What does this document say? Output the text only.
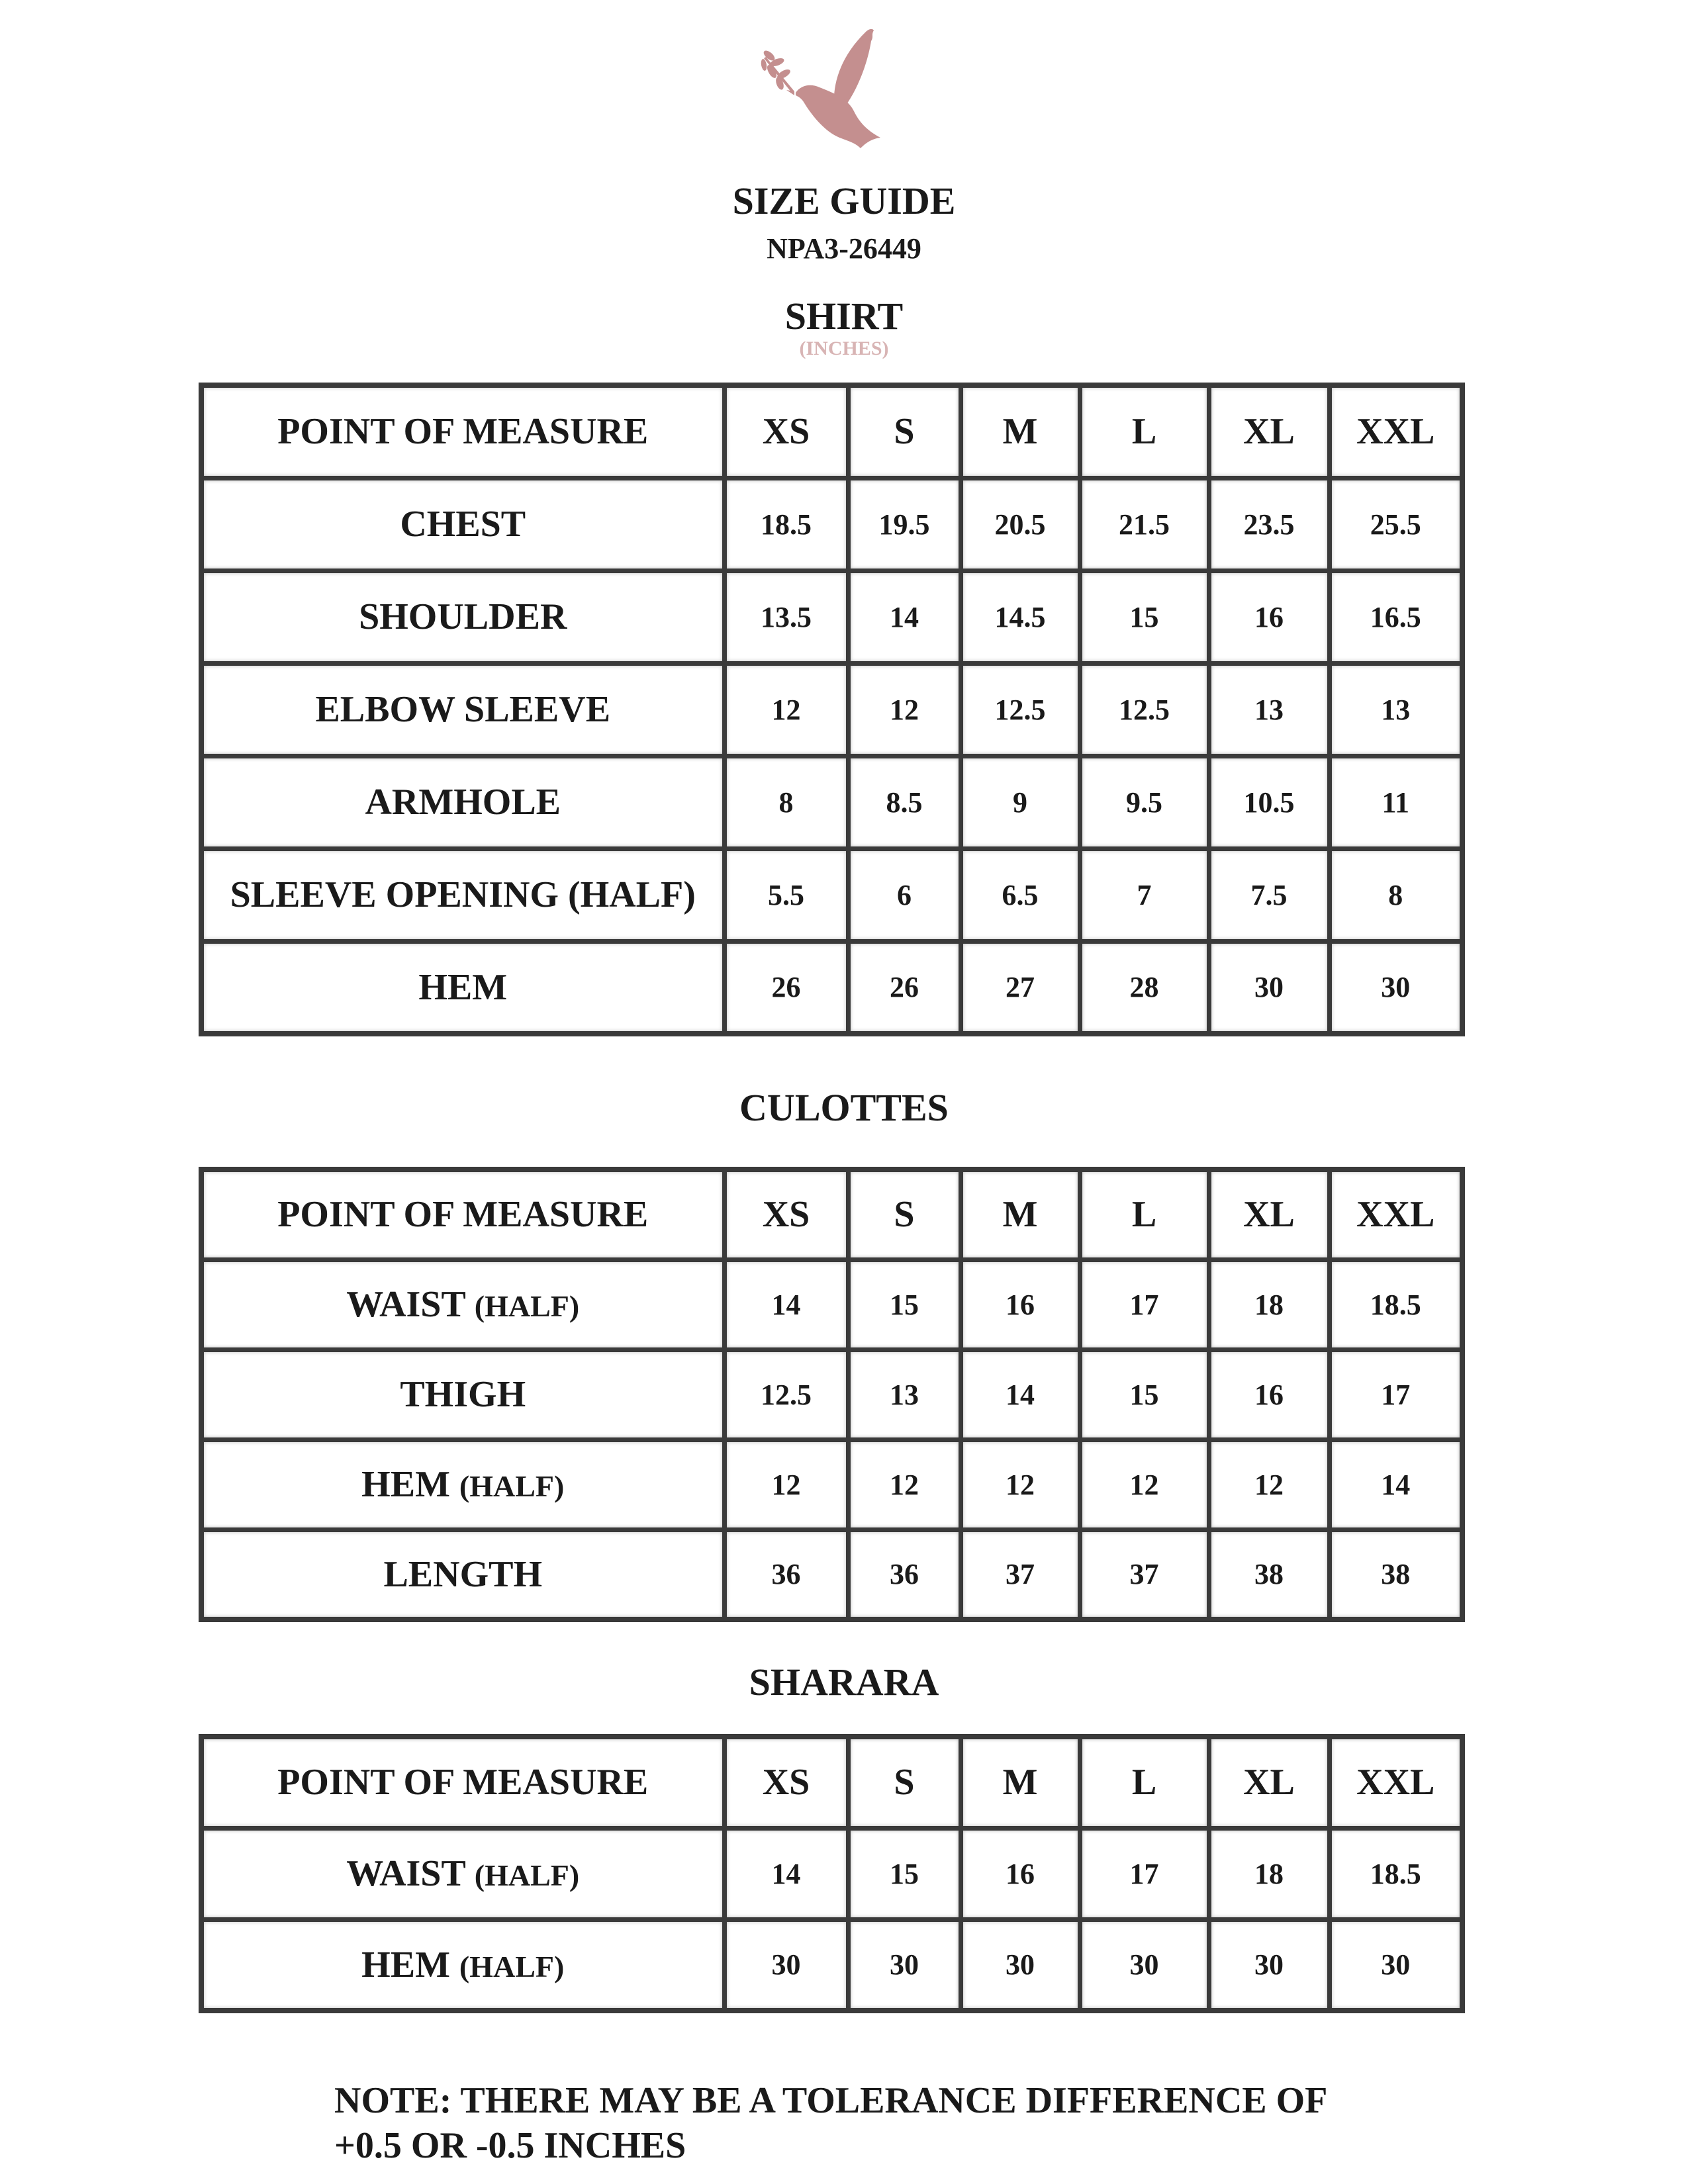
SIZE GUIDE
NPA3-26449
SHIRT
(INCHES)
POINT OF MEASURE	XS	S	M	L	XL	XXL
CHEST	18.5	19.5	20.5	21.5	23.5	25.5
SHOULDER	13.5	14	14.5	15	16	16.5
ELBOW SLEEVE	12	12	12.5	12.5	13	13
ARMHOLE	8	8.5	9	9.5	10.5	11
SLEEVE OPENING (HALF)	5.5	6	6.5	7	7.5	8
HEM	26	26	27	28	30	30
CULOTTES
POINT OF MEASURE	XS	S	M	L	XL	XXL
WAIST (HALF)	14	15	16	17	18	18.5
THIGH	12.5	13	14	15	16	17
HEM (HALF)	12	12	12	12	12	14
LENGTH	36	36	37	37	38	38
SHARARA
POINT OF MEASURE	XS	S	M	L	XL	XXL
WAIST (HALF)	14	15	16	17	18	18.5
HEM (HALF)	30	30	30	30	30	30
NOTE: THERE MAY BE A TOLERANCE DIFFERENCE OF
+0.5 OR -0.5 INCHES
